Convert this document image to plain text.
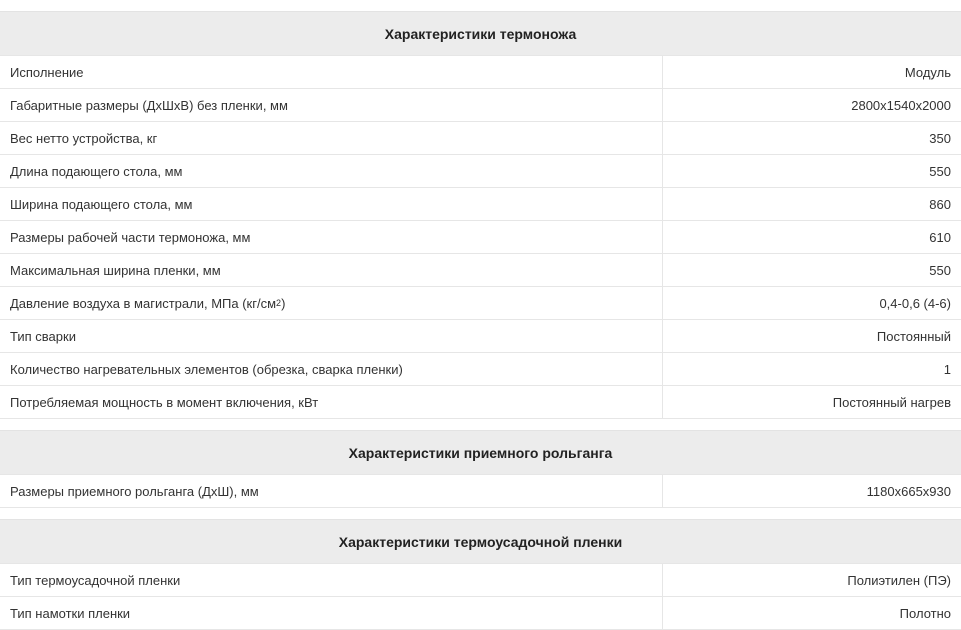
Характеристики термоножа
Исполнение	Модуль
Габаритные размеры (ДхШхВ) без пленки, мм	2800х1540х2000
Вес нетто устройства, кг	350
Длина подающего стола, мм	550
Ширина подающего стола, мм	860
Размеры рабочей части термоножа, мм	610
Максимальная ширина пленки, мм	550
Давление воздуха в магистрали, МПа (кг/см 2 )	0,4-0,6 (4-6)
Тип сварки	Постоянный
Количество нагревательных элементов (обрезка, сварка пленки)	1
Потребляемая мощность в момент включения, кВт	Постоянный нагрев
Характеристики приемного рольганга
Размеры приемного рольганга (ДхШ), мм	1180х665х930
Характеристики термоусадочной пленки
Тип термоусадочной пленки	Полиэтилен (ПЭ)
Тип намотки пленки	Полотно
